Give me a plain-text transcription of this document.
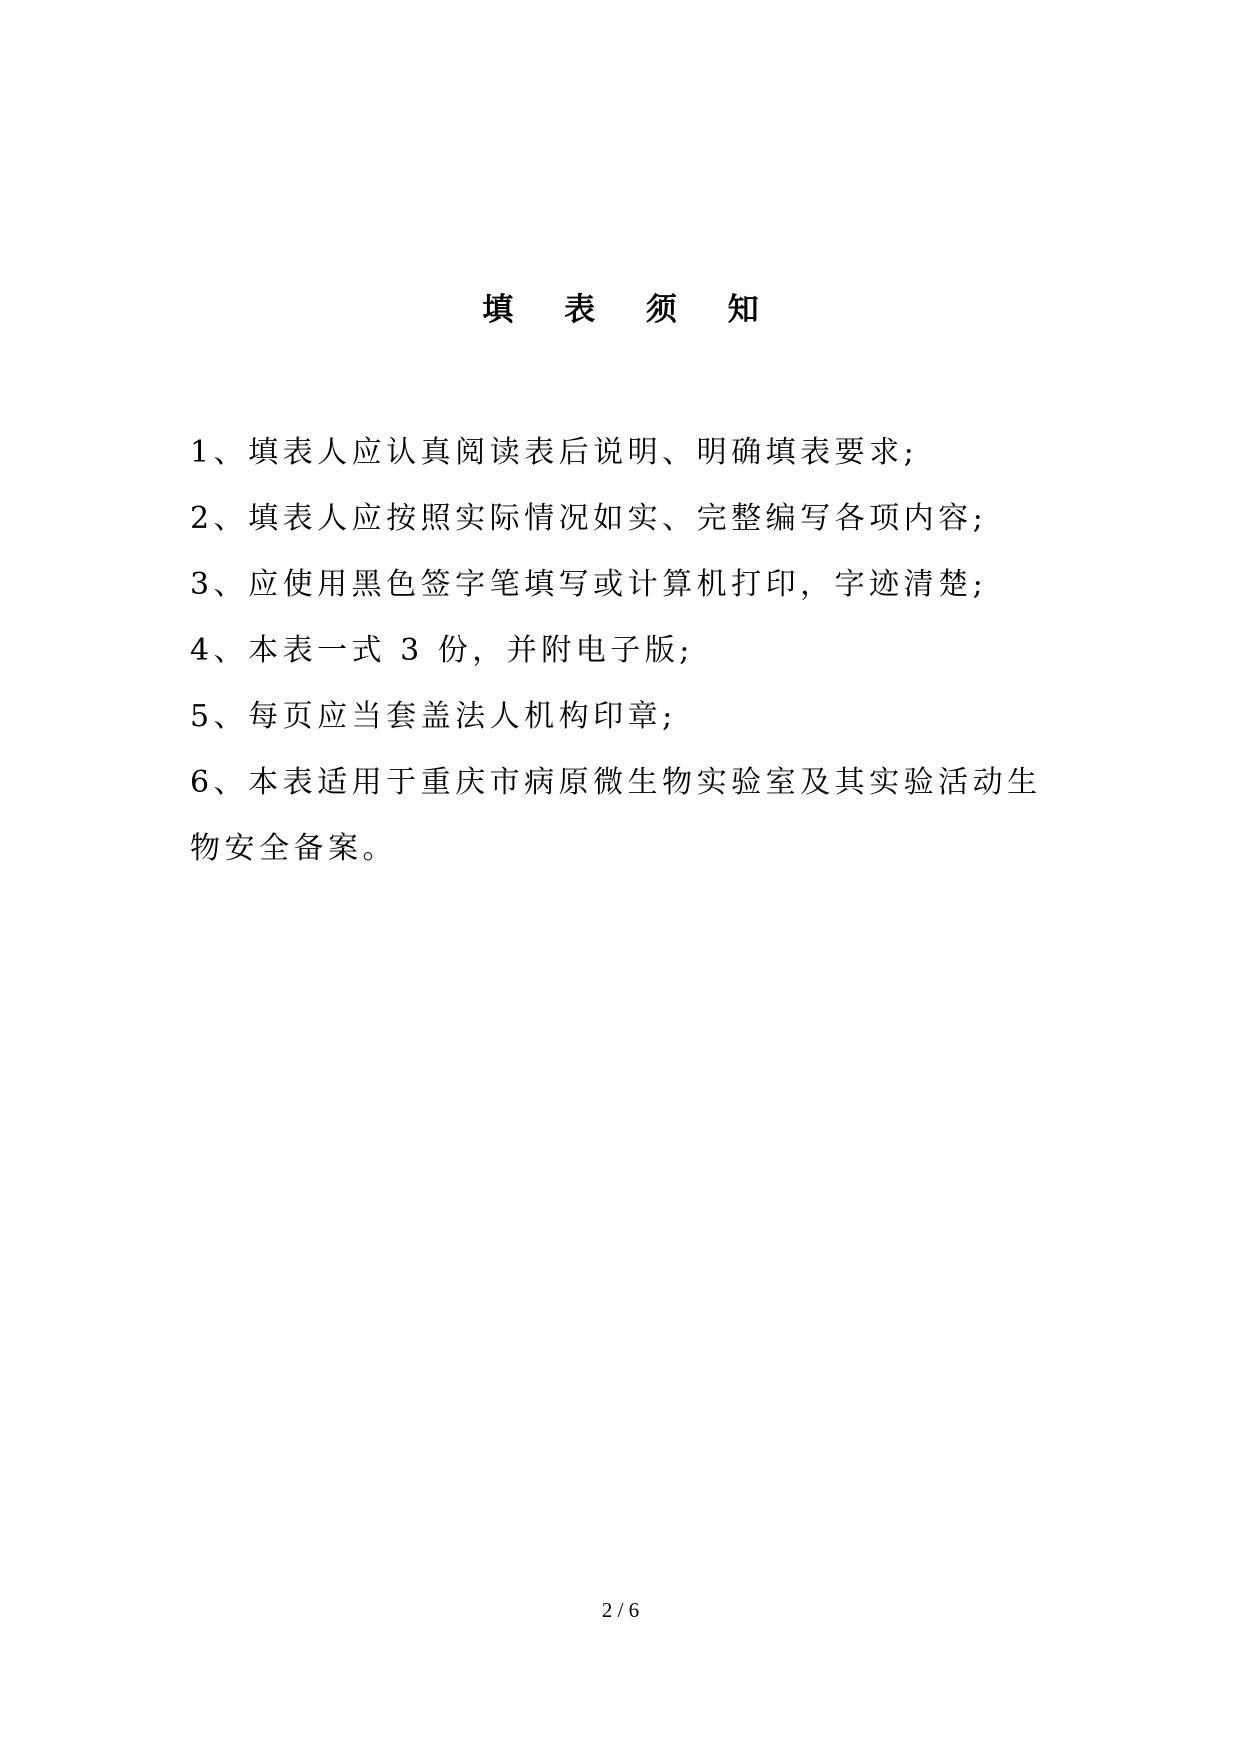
填 表 须 知
1、填表人应认真阅读表后说明、明确填表要求;
2、填表人应按照实际情况如实、完整编写各项内容;
3、应使用黑色签字笔填写或计算机打印，字迹清楚;
4、本表一式 3 份，并附电子版;
5、每页应当套盖法人机构印章;
6、本表适用于重庆市病原微生物实验室及其实验活动生物安全备案。
2 / 6
